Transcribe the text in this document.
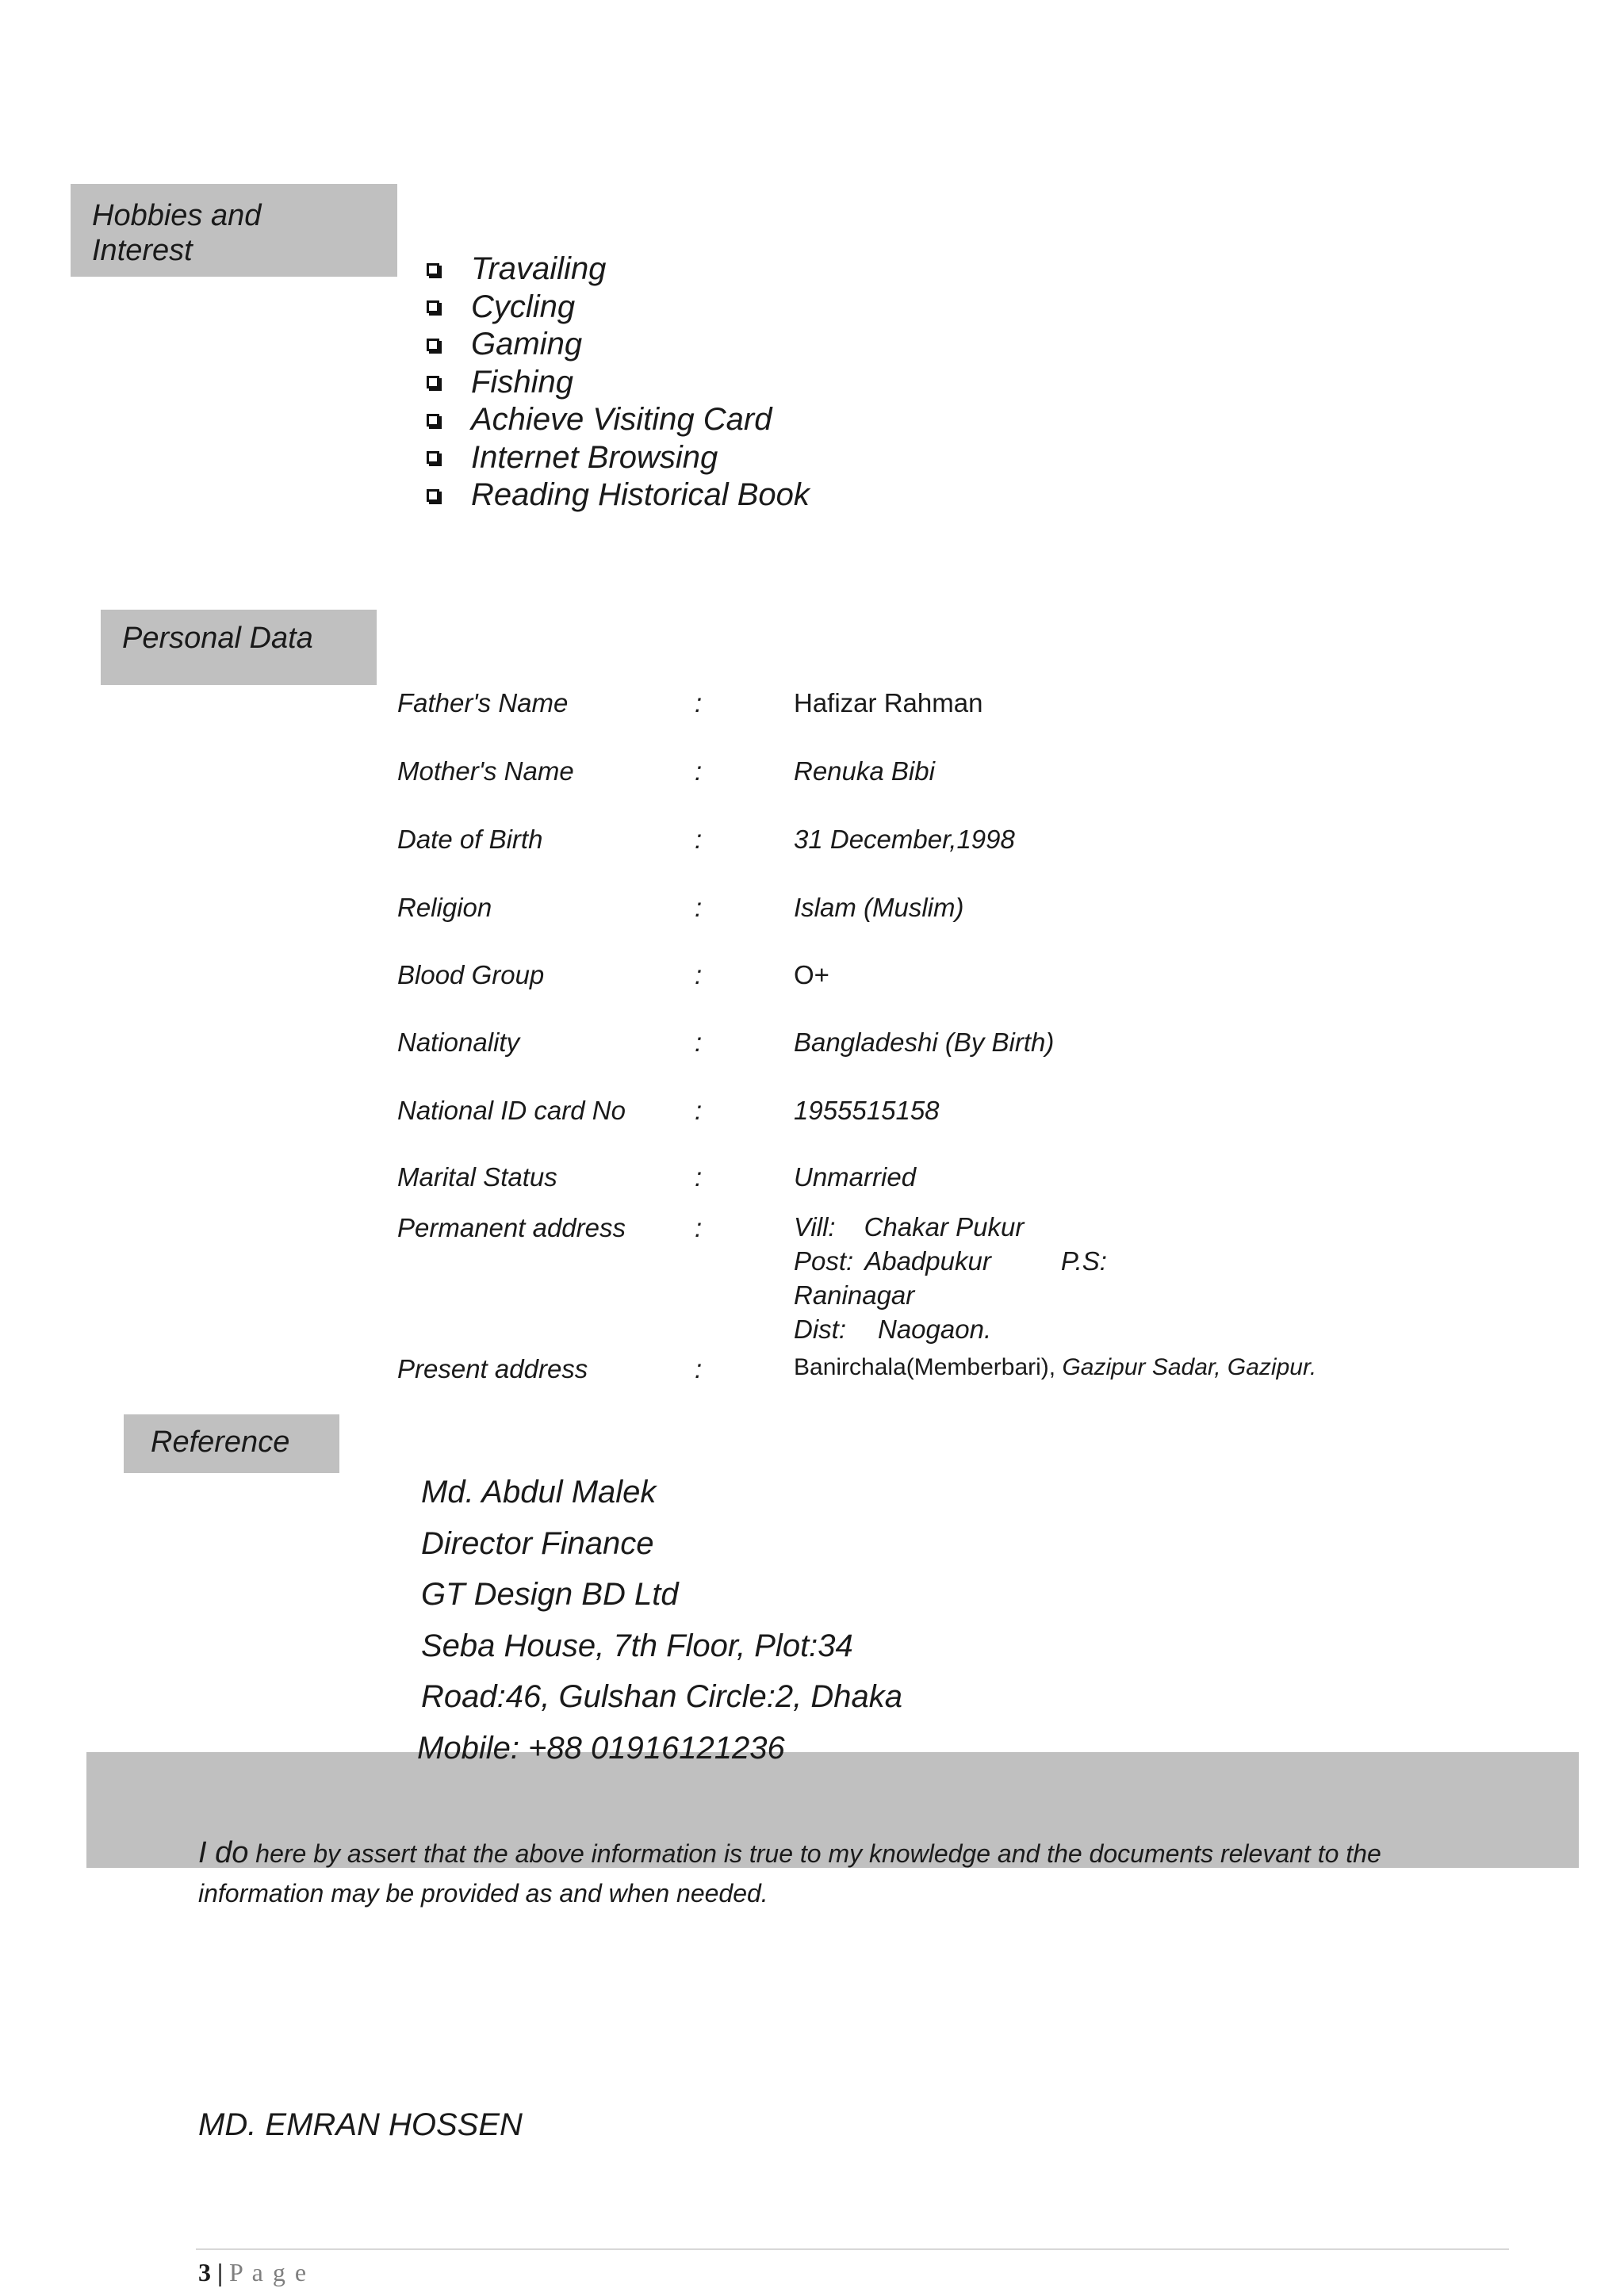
Hobbies and
Interest
Travailing
Cycling
Gaming
Fishing
Achieve Visiting Card
Internet Browsing
Reading Historical Book
Personal Data
Father's Name	:	Hafizar Rahman
Mother's Name	:	Renuka Bibi
Date of Birth	:	31 December,1998
Religion	:	Islam (Muslim)
Blood Group	:	O+
Nationality	:	Bangladeshi (By Birth)
National ID card No	:	1955515158
Marital Status	:	Unmarried
Permanent address	:	Vill: Chakar Pukur
Post: Abadpukur	P.S:
Raninagar
Dist: Naogaon.
Present address	:	Banirchala(Memberbari), Gazipur Sadar, Gazipur.
Reference
Md. Abdul Malek
Director Finance
GT Design BD Ltd
Seba House, 7th Floor, Plot:34
Road:46, Gulshan Circle:2, Dhaka
Mobile: +88 01916121236
I do here by assert that the above information is true to my knowledge and the documents relevant to the
information may be provided as and when needed.
MD. EMRAN HOSSEN
3 | P a g e
